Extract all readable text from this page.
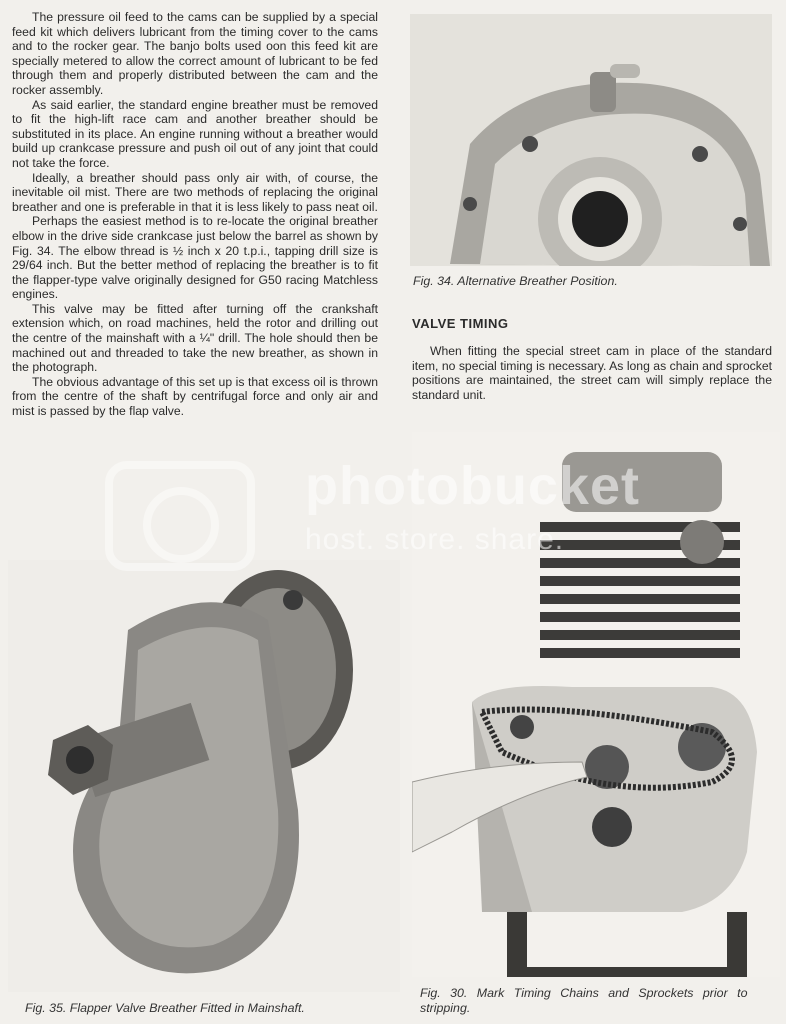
The pressure oil feed to the cams can be supplied by a special feed kit which delivers lubricant from the timing cover to the cams and to the rocker gear. The banjo bolts used oon this feed kit are specially metered to allow the correct amount of lubricant to be fed through them and properly distributed between the cam and the rocker assembly.

As said earlier, the standard engine breather must be removed to fit the high-lift race cam and another breather should be substituted in its place. An engine running without a breather would build up crankcase pressure and push oil out of any joint that could not take the force.

Ideally, a breather should pass only air with, of course, the inevitable oil mist. There are two methods of replacing the original breather and one is preferable in that it is less likely to pass neat oil.

Perhaps the easiest method is to re-locate the original breather elbow in the drive side crankcase just below the barrel as shown by Fig. 34. The elbow thread is ½ inch x 20 t.p.i., tapping drill size is 29/64 inch. But the better method of replacing the breather is to fit the flapper-type valve originally designed for G50 racing Matchless engines.

This valve may be fitted after turning off the crankshaft extension which, on road machines, held the rotor and drilling out the centre of the mainshaft with a ¼" drill. The hole should then be machined out and threaded to take the new breather, as shown in the photograph.

The obvious advantage of this set up is that excess oil is thrown from the centre of the shaft by centrifugal force and only air and mist is passed by the flap valve.

Fig. 34. Alternative Breather Position.
VALVE TIMING

When fitting the special street cam in place of the standard item, no special timing is necessary. As long as chain and sprocket positions are maintained, the street cam will simply replace the standard unit.

Fig. 35. Flapper Valve Breather Fitted in Mainshaft.
Fig. 30. Mark Timing Chains and Sprockets prior to stripping.
photobucket
host. store. share.
